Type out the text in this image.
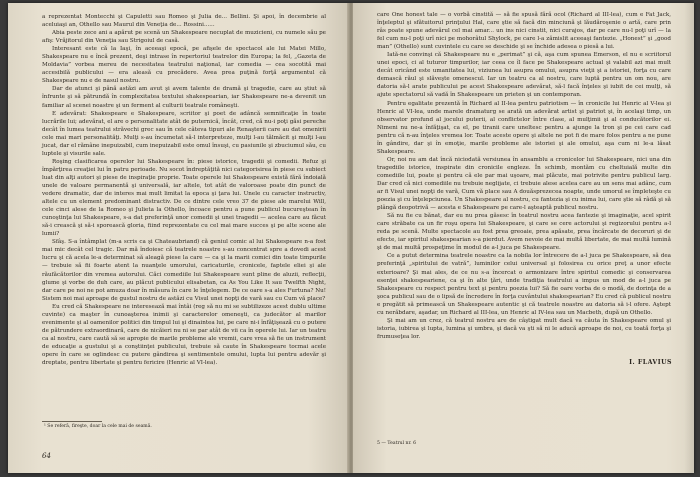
a reprezentat Montecchi şi Capuletti sau Romeo şi Julia de... Bellini. Şi apoi, în decembrie al aceluiaşi an, Othello sau Maurul din Veneţia de... Rossini......

Abia peste zece ani a apărut pe scenă un Shakespeare necuplat de muzicieni, cu numele său pe afiş: Vrăjitorul din Veneţia sau Strigoiul de casă.

Interesant este că la Iaşi, în aceeaşi epocă, pe afişele de spectacol ale lui Matei Millo, Shakespeare nu e încă prezent, deşi intrase în repertoriul teatrelor din Europa; la fel, „Gazeta de Moldavia” vorbea mereu de necesitatea teatrului naţional, iar comedia — cea socotită mai accesibilă publicului — era aleasă cu precădere. Avea prea puţină forţă argumentul că Shakespeare nu e de nasul nostru.

Dar de atunci şi până astăzi am avut şi avem talente de dramă şi tragedie, care au ştiut să înfrunte şi să pătrundă în complexitatea textului shakespearian, iar Shakespeare ne-a devenit un familiar al scenei noastre şi un ferment al culturii teatrale româneşti.

E adevărat: Shakespeare e Shakespeare, scriitor şi poet de adâncă semnificaţie în toate lucrările lui; adevărat, el are o personalitate atât de puternică, încât, cred, că nu-i poţi găsi pereche decât în lumea teatrului străvechi grec sau în cele câteva tipuri ale Renaşterii care au dat omenirii cele mai mari personalităţi. Mulţi s-au încumetat să-l interpreteze, mulţi l-au tălmăcit şi mulţi l-au jucat, dar el rămâne inepuizabil, cum inepuizabil este omul însuşi, cu pasiunile şi zbuciumul său, cu luptele şi visurile sale.

Roşing clasificarea operelor lui Shakespeare în: piese istorice, tragedii şi comedii. Refuz şi împărţirea creaţiei lui în patru perioade. Nu socot îndreptăţită nici categorisirea în piese cu subiect luat din alţi autori şi piese de inspiraţie proprie. Toate operele lui Shakespeare există fără îndoială unele de valoare permanentă şi universală, iar altele, tot atât de valoroase poate din punct de vedere dramatic, dar de interes mai mult limitat la epoca şi ţara lui. Unele cu caracter instructiv, altele cu un element predominant distractiv. De ce dintre cele vreo 37 de piese ale marelui Will, cele cinci alese de la Romeo şi Julieta la Othello, încoace pentru a pune publicul bucureştean în cunoştinţa lui Shakespeare, s-a dat preferinţă unor comedii şi unei tragedii — acelea care au făcut să-i crească şi să-i sporească gloria, fiind reprezentate cu cel mai mare succes şi pe alte scene ale lumii?

Sfâş. S-a întâmplat (m-a scris ca şi Chateaubriand) că geniul comic al lui Shakespeare n-a fost mai mic decât cel tragic. Dar mă îndoiesc că teatrele noastre s-au concentrat spre a dovedi acest lucru şi că acela le-a determinat să aleagă piese la care — ca şi la marii comici din toate timpurile — trebuie să fii foarte atent la nuanţele umorului, caricaturile, cronicele, faptele eliei şi ale răufăcătorilor din vremea autorului. Căci comediile lui Shakespeare sunt pline de aluzii, reflecţii, glume şi vorbe de duh care, au plăcut publicului elisabetan, ca As You Like It sau Twelfth Night, dar care pe noi ne pot amuza doar în măsura în care le înţelegem. De ce oare s-a ales Furtuna? Nu! Sistem noi mai aproape de gustul nostru de astăzi cu Visul unei nopţi de vară sau cu Cum vă place?

Eu cred că Shakespeare ne interesează mai întâi (reg să nu mi se subtilizeze acest dublu ultime cuvinte) ca maşter în cunoaşterea inimii şi caracterelor omeneşti, ca judecător al marilor evenimente şi al oamenilor politici din timpul lui şi dinaintea lui, pe care ni-i înfăţişează cu o putere de pătrundere extraordinară, care de nicăieri nu ni se par atât de vii ca în operele lui. Iar un teatru ca al nostru, care caută să se apropie de marile probleme ale vremii, care vrea să fie un instrument de educaţie a gustului şi a conştiinţei publicului, trebuie să caute în Shakespeare tocmai acele opere în care se oglindesc cu putere gândirea şi sentimentele omului, lupta lui pentru adevăr şi dreptate, pentru libertate şi pentru fericire (Henric al VI-lea).

¹ Se referă, fireşte, doar la cele mai de seamă.
64

care One honest tale — o vorbă cinstită — să fie spusă fără ocol (Richard al III-lea), cum e Fat Jack, înţeleptul şi sfătuitorul prinţului Hal, care ştie să facă din minciună şi lăudăroşenie o artă, care prin râs poate spune adevărul cel mai amar... un ins nici cinstit, nici curajos, dar pe care nu-l poţi urî — la fel cum nu-l poţi urî nici pe mohorâtul Shylock, pe care l-a zămislit aceeaşi fantezie. „Honest” şi „good man” (Othello) sunt cuvintele cu care se deschide şi se închide adesea o piesă a lui.

Iată-ne convinşi că Shakespeare nu e „perimat” şi că, aşa cum spunea Emerson, el nu e scriitorul unei epoci, ci al tuturor timpurilor, iar ceea ce îl face pe Shakespeare actual şi valabil azi mai mult decât oricând este umanitatea lui, viziunea lui asupra omului, asupra vieţii şi a istoriei, forţa cu care demască răul şi slăveşte omenescul. Iar un teatru ca al nostru, care luptă pentru un om nou, are datoria să-l arate publicului pe acest Shakespeare adevărat, să-l facă înţeles şi iubit de cei mulţi, să ajute spectatorul să vadă în Shakespeare un prieten şi un contemporan.

Pentru egalitate prezentă în Richard al II-lea pentru patriotism — în cronicile lui Henric al V-lea şi Henric al VI-lea, unde marele dramaturg se arată un adevărat artist şi patriot şi, în acelaşi timp, un observator profund al jocului puterii, al conflictelor între clase, al mulţimii şi al conducătorilor ei. Nimeni nu ne-a înfăţişat, ca el, pe tiranii care uneltesc pentru a ajunge la tron şi pe cei care cad pentru că n-au înţeles vremea lor. Toate aceste opere şi altele ne pot fi de mare folos pentru a ne pune în gândire, dar şi în emoţie, marile probleme ale istoriei şi ale omului, aşa cum ni le-a lăsat Shakespeare.

Or, noi nu am dat încă niciodată versiunea în ansamblu a cronicelor lui Shakespeare, nici una din tragediile istorice, inspirate din cronicile engleze. În schimb, montăm cu cheltuială multe din comediile lui, poate şi pentru că ele par mai uşoare, mai plăcute, mai potrivite pentru publicul larg. Dar cred că nici comediile nu trebuie neglijate, ci trebuie alese acelea care au un sens mai adânc, cum ar fi Visul unei nopţi de vară, Cum vă place sau A douăsprezecea noapte, unde umorul se împleteşte cu poezia şi cu înţelepciunea. Un Shakespeare al nostru, cu fantezia şi cu inima lui, care ştie să râdă şi să plângă deopotrivă — acesta e Shakespeare pe care-l aşteaptă publicul nostru.

Să nu fie cu bănat, dar eu nu prea găsesc în teatrul nostru acea fantezie şi imaginaţie, acel spirit care străbate ca un fir roşu opera lui Shakespeare, şi care se cere actorului şi regizorului pentru a-l reda pe scenă. Multe spectacole au fost prea greoaie, prea apăsate, prea încărcate de decoruri şi de efecte, iar spiritul shakespearian s-a pierdut. Avem nevoie de mai multă libertate, de mai multă lumină şi de mai multă prospeţime în modul de a-l juca pe Shakespeare.

Ce a putut determina teatrele noastre ca la nobila lor întrecere de a-l juca pe Shakespeare, să dea preferinţă „spiritului de vatră”, luminilor celui universal şi folosirea cu orice preţ a unor efecte exterioare? Şi mai ales, de ce nu s-a încercat o armonizare între spiritul comedic şi conservarea esenţei shakespeariene, ca şi în alte ţări, unde tradiţia teatrului a impus un mod de a-l juca pe Shakespeare cu respect pentru text şi pentru poezia lui? Să fie oare vorba de o modă, de dorinţa de a şoca publicul sau de o lipsă de încredere în forţa cuvântului shakespearian? Eu cred că publicul nostru e pregătit să primească un Shakespeare autentic şi că teatrele noastre au datoria să i-l ofere. Aştept cu nerăbdare, aşadar, un Richard al III-lea, un Henric al IV-lea sau un Macbeth, după un Othello.

Şi mai am un crez, că teatrul nostru are de câştigat mult dacă va căuta în Shakespeare omul şi istoria, iubirea şi lupta, lumina şi umbra, şi dacă va şti să ni le aducă aproape de noi, cu toată forţa şi frumuseţea lor.

I. FLAVIUS
5 — Teatrul nr. 6
